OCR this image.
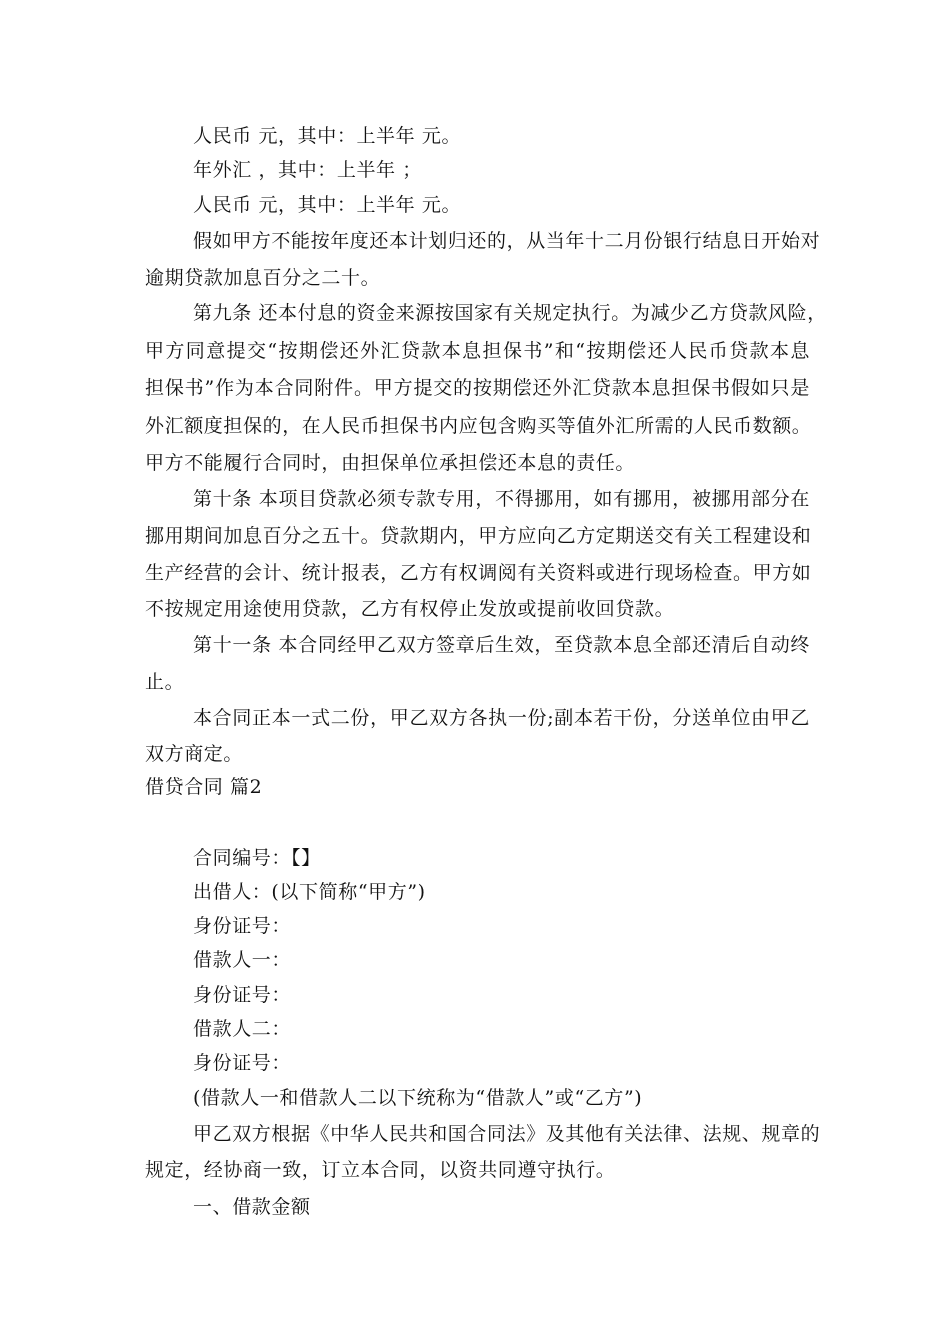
人民币 元，其中：上半年 元。
年外汇 ，其中：上半年 ；
人民币 元，其中：上半年 元。
假如甲方不能按年度还本计划归还的，从当年十二月份银行结息日开始对
逾期贷款加息百分之二十。
第九条 还本付息的资金来源按国家有关规定执行。为减少乙方贷款风险，
甲方同意提交“按期偿还外汇贷款本息担保书”和“按期偿还人民币贷款本息
担保书”作为本合同附件。甲方提交的按期偿还外汇贷款本息担保书假如只是
外汇额度担保的，在人民币担保书内应包含购买等值外汇所需的人民币数额。
甲方不能履行合同时，由担保单位承担偿还本息的责任。
第十条 本项目贷款必须专款专用，不得挪用，如有挪用，被挪用部分在
挪用期间加息百分之五十。贷款期内，甲方应向乙方定期送交有关工程建设和
生产经营的会计、统计报表，乙方有权调阅有关资料或进行现场检查。甲方如
不按规定用途使用贷款，乙方有权停止发放或提前收回贷款。
第十一条 本合同经甲乙双方签章后生效，至贷款本息全部还清后自动终
止。
本合同正本一式二份，甲乙双方各执一份;副本若干份，分送单位由甲乙
双方商定。
借贷合同 篇2
合同编号：【】
出借人：(以下简称“甲方”)
身份证号：
借款人一：
身份证号：
借款人二：
身份证号：
(借款人一和借款人二以下统称为“借款人”或“乙方”)
甲乙双方根据《中华人民共和国合同法》及其他有关法律、法规、规章的
规定，经协商一致，订立本合同，以资共同遵守执行。
一、借款金额
